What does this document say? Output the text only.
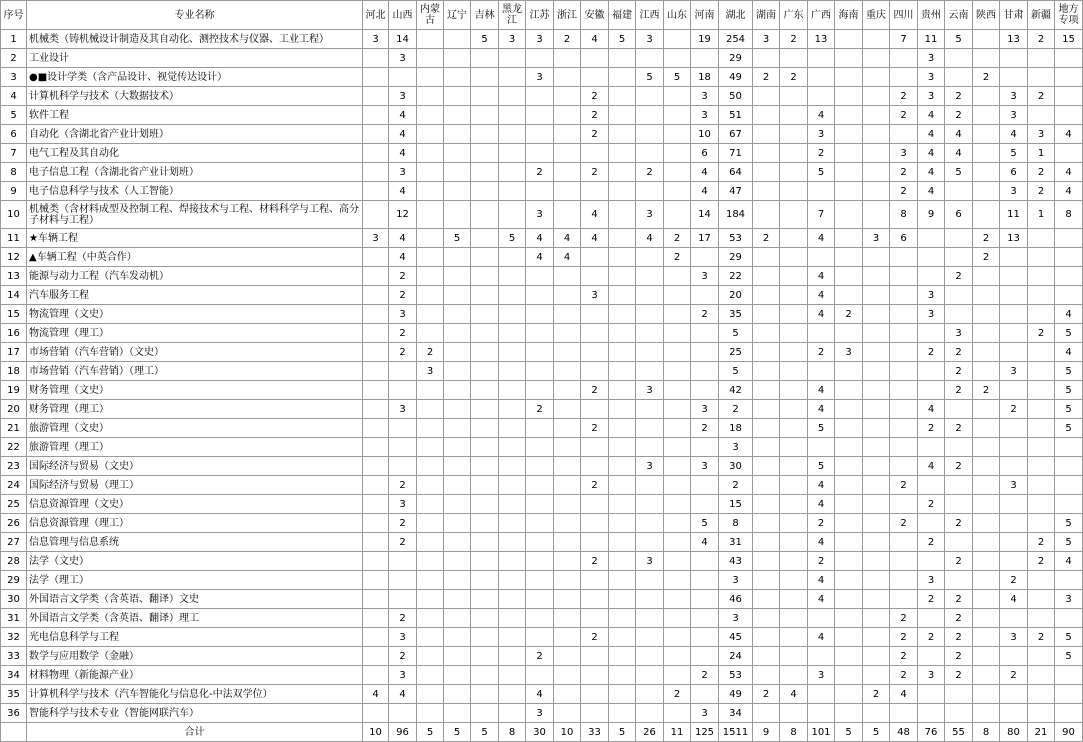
序号	专业名称	河北	山西	内蒙古	辽宁	吉林	黑龙江	江苏	浙江	安徽	福建	江西	山东	河南	湖北	湖南	广东	广西	海南	重庆	四川	贵州	云南	陕西	甘肃	新疆	地方专项
1	机械类（铸机械设计制造及其自动化、测控技术与仪器、工业工程）	3	14			5	3	3	2	4	5	3		19	254	3	2	13			7	11	5		13	2	15
2	工业设计		3												29							3					
3	●■设计学类（含产品设计、视觉传达设计）							3				5	5	18	49	2	2					3		2			
4	计算机科学与技术（大数据技术）		3							2				3	50						2	3	2		3	2	
5	软件工程		4							2				3	51			4			2	4	2		3		
6	自动化（含湖北省产业计划班）		4							2				10	67			3				4	4		4	3	4
7	电气工程及其自动化		4											6	71			2			3	4	4		5	1	
8	电子信息工程（含湖北省产业计划班）		3					2		2		2		4	64			5			2	4	5		6	2	4
9	电子信息科学与技术（人工智能）		4											4	47						2	4			3	2	4
10	机械类（含材料成型及控制工程、焊接技术与工程、材料科学与工程、高分子材料与工程）		12					3		4		3		14	184			7			8	9	6		11	1	8
11	★车辆工程	3	4		5		5	4	4	4		4	2	17	53	2		4		3	6			2	13		
12	▲车辆工程（中英合作）		4					4	4				2		29									2			
13	能源与动力工程（汽车发动机）		2											3	22			4					2				
14	汽车服务工程		2							3					20			4				3					
15	物流管理（文史）		3											2	35			4	2			3					4
16	物流管理（理工）		2												5								3			2	5
17	市场营销（汽车营销）（文史）		2	2											25			2	3			2	2				4
18	市场营销（汽车营销）（理工）			3											5								2		3		5
19	财务管理（文史）									2		3			42			4					2	2			5
20	财务管理（理工）		3					2						3	2			4				4			2		5
21	旅游管理（文史）									2				2	18			5				2	2				5
22	旅游管理（理工）														3												
23	国际经济与贸易（文史）											3		3	30			5				4	2				
24	国际经济与贸易（理工）		2							2					2			4			2				3		
25	信息资源管理（文史）		3												15			4				2					
26	信息资源管理（理工）		2											5	8			2			2		2				5
27	信息管理与信息系统		2											4	31			4				2				2	5
28	法学（文史）									2		3			43			2					2			2	4
29	法学（理工）														3			4				3			2		
30	外国语言文学类（含英语、翻译）文史														46			4				2	2		4		3
31	外国语言文学类（含英语、翻译）理工		2												3						2		2				
32	光电信息科学与工程		3							2					45			4			2	2	2		3	2	5
33	数学与应用数学（金融）		2					2							24						2		2				5
34	材料物理（新能源产业）		3											2	53			3			2	3	2		2		
35	计算机科学与技术（汽车智能化与信息化-中法双学位）	4	4					4					2		49	2	4			2	4						
36	智能科学与技术专业（智能网联汽车）							3						3	34												
	合计	10	96	5	5	5	8	30	10	33	5	26	11	125	1511	9	8	101	5	5	48	76	55	8	80	21	90
